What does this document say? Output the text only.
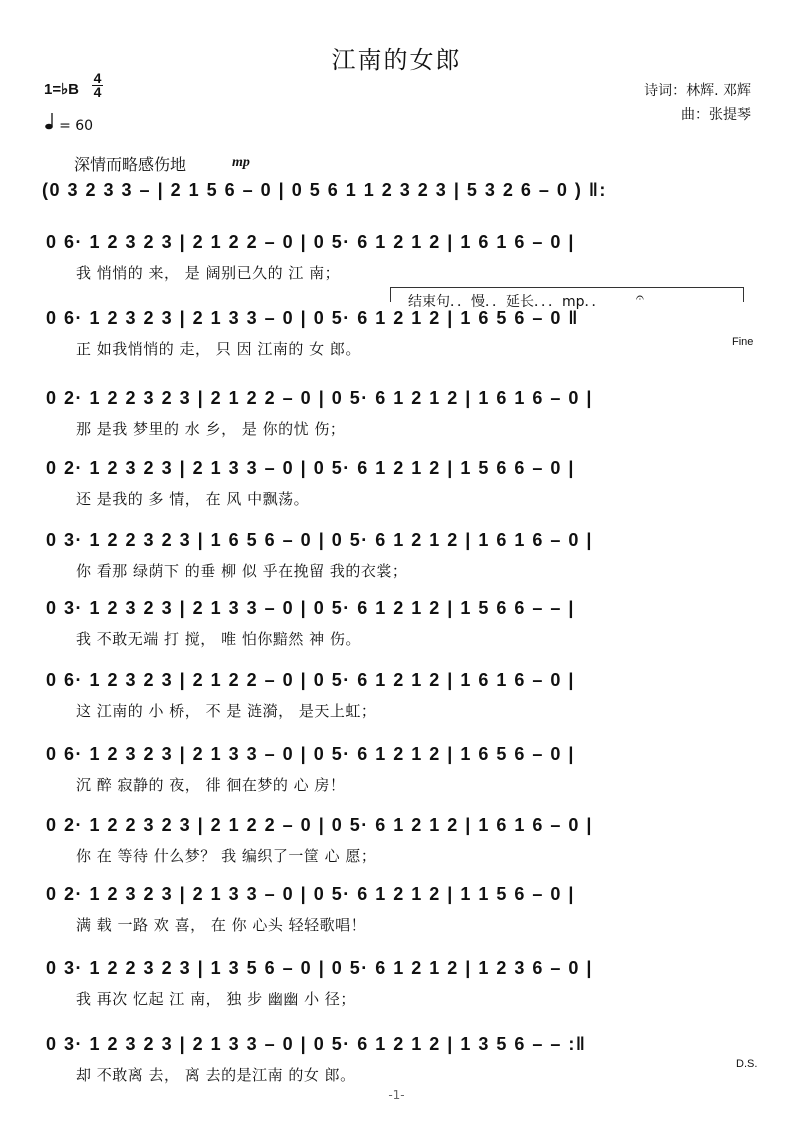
江南的女郎
1=♭B
4
4
= 60
诗词：林辉. 邓辉
曲：张提琴
深情而略感伤地	mp
(0 3 2 3 3 – | 2 1 5 6 – 0 | 0 5 6 1 1 2 3 2 3 | 5 3 2 6 – 0 ) ‖:
0 6· 1 2 3 2 3 | 2 1 2 2 – 0 | 0 5· 6 1 2 1 2 | 1 6 1 6 – 0 |
我 悄悄的 来， 是 阔别已久的 江 南；
结束句．．慢．．延长．．．mp．． 𝄐
0 6· 1 2 3 2 3 | 2 1 3 3 – 0 | 0 5· 6 1 2 1 2 | 1 6 5 6 – 0 ‖
正 如我悄悄的 走， 只 因 江南的 女 郎。	Fine
0 2· 1 2 2 3 2 3 | 2 1 2 2 – 0 | 0 5· 6 1 2 1 2 | 1 6 1 6 – 0 |
那 是我 梦里的 水 乡， 是 你的忧 伤；
0 2· 1 2 3 2 3 | 2 1 3 3 – 0 | 0 5· 6 1 2 1 2 | 1 5 6 6 – 0 |
还 是我的 多 情， 在 风 中飘荡。
0 3· 1 2 2 3 2 3 | 1 6 5 6 – 0 | 0 5· 6 1 2 1 2 | 1 6 1 6 – 0 |
你 看那 绿荫下 的垂 柳 似 乎在挽留 我的衣裳；
0 3· 1 2 3 2 3 | 2 1 3 3 – 0 | 0 5· 6 1 2 1 2 | 1 5 6 6 – – |
我 不敢无端 打 搅， 唯 怕你黯然 神 伤。
0 6· 1 2 3 2 3 | 2 1 2 2 – 0 | 0 5· 6 1 2 1 2 | 1 6 1 6 – 0 |
这 江南的 小 桥， 不 是 涟漪， 是天上虹；
0 6· 1 2 3 2 3 | 2 1 3 3 – 0 | 0 5· 6 1 2 1 2 | 1 6 5 6 – 0 |
沉 醉 寂静的 夜， 徘 徊在梦的 心 房！
0 2· 1 2 2 3 2 3 | 2 1 2 2 – 0 | 0 5· 6 1 2 1 2 | 1 6 1 6 – 0 |
你 在 等待 什么梦？ 我 编织了一筐 心 愿；
0 2· 1 2 3 2 3 | 2 1 3 3 – 0 | 0 5· 6 1 2 1 2 | 1 1 5 6 – 0 |
满 载 一路 欢 喜， 在 你 心头 轻轻歌唱！
0 3· 1 2 2 3 2 3 | 1 3 5 6 – 0 | 0 5· 6 1 2 1 2 | 1 2 3 6 – 0 |
我 再次 忆起 江 南， 独 步 幽幽 小 径；
0 3· 1 2 3 2 3 | 2 1 3 3 – 0 | 0 5· 6 1 2 1 2 | 1 3 5 6 – – :‖
却 不敢离 去， 离 去的是江南 的女 郎。
D.S.
-1-
